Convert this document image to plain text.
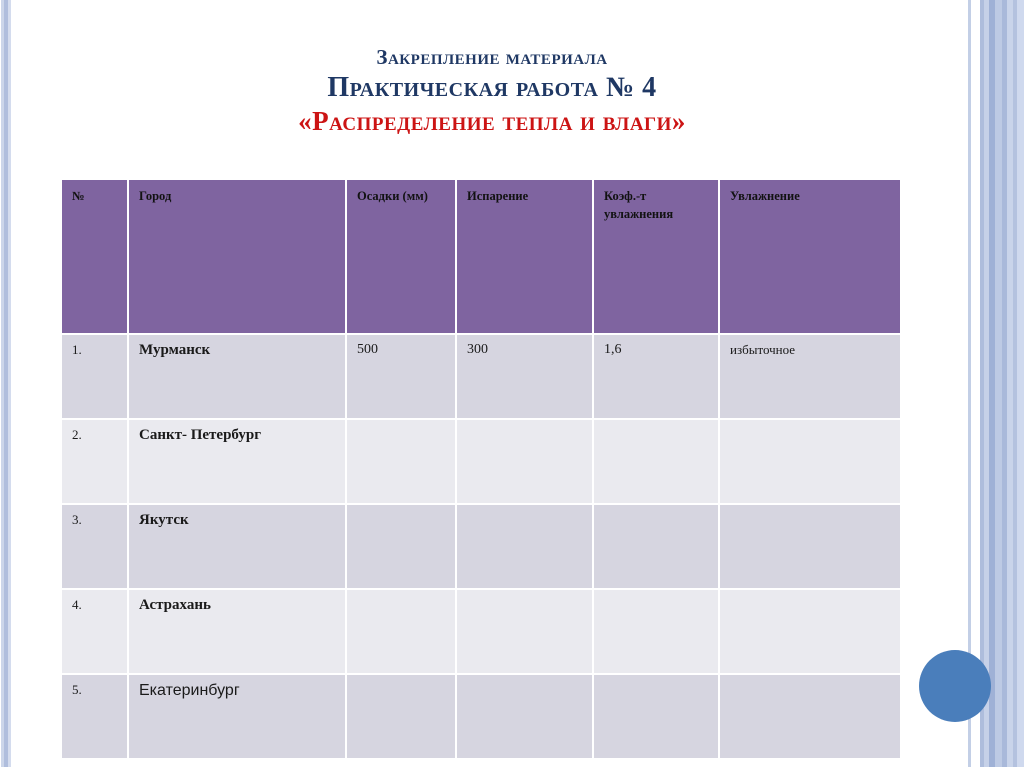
Закрепление материала
Практическая работа № 4
«Распределение тепла и влаги»
№	Город	Осадки (мм)	Испарение	Коэф.-т увлажнения	Увлажнение
1.	Мурманск	500	300	1,6	избыточное
2.	Санкт- Петербург				
3.	Якутск				
4.	Астрахань				
5.	Екатеринбург				
